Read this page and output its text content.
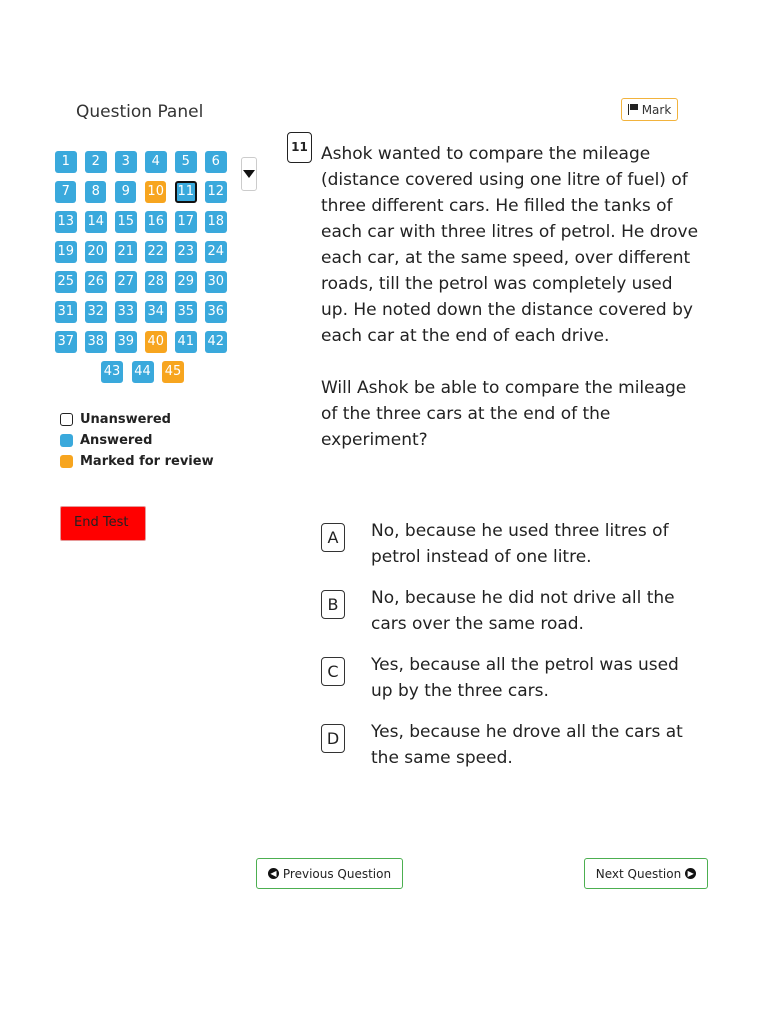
Question Panel
1	2	3	4	5	6
7	8	9	10 11 12
13 14 15 16 17 18
19 20 21 22 23 24
25 26 27 28 29 30
31 32 33 34 35 36
37 38 39 40 41 42
43 44 45
Unanswered
Answered
Marked for review
End Test
Mark
11 Ashok wanted to compare the mileage (distance covered using one litre of fuel) of three different cars. He filled the tanks of each car with three litres of petrol. He drove each car, at the same speed, over different roads, till the petrol was completely used up. He noted down the distance covered by each car at the end of each drive.

Will Ashok be able to compare the mileage of the three cars at the end of the experiment?

A	No, because he used three litres of petrol instead of one litre.
B	No, because he did not drive all the cars over the same road.
C	Yes, because all the petrol was used up by the three cars.
D	Yes, because he drove all the cars at the same speed.
◀ Previous Question	Next Question ▶
